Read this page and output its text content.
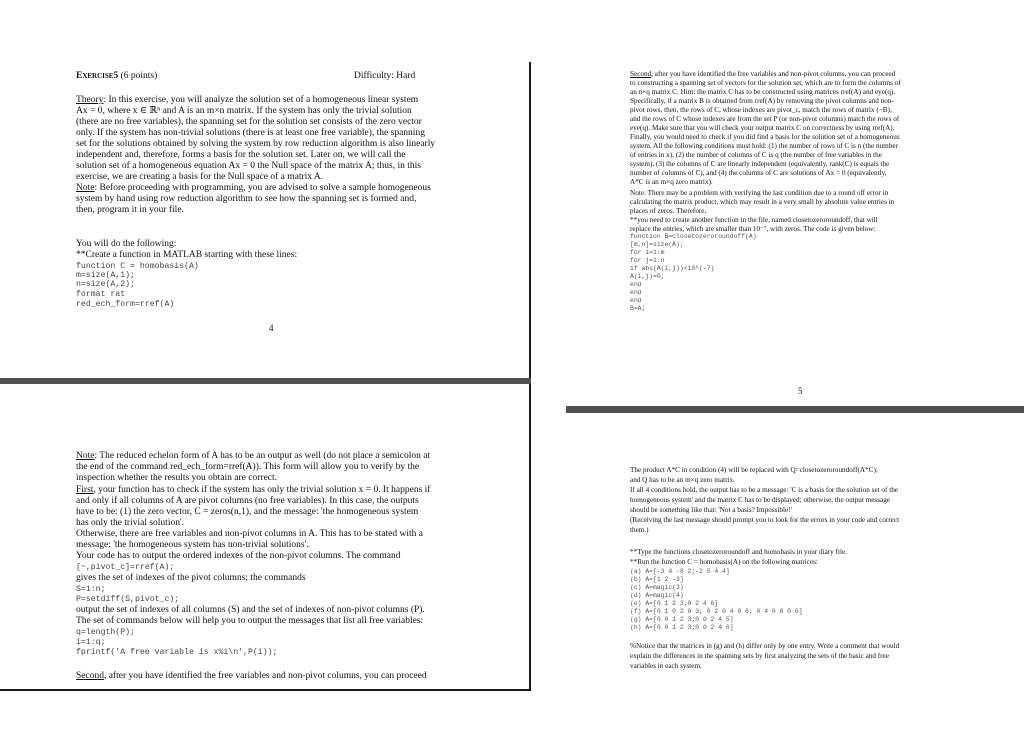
Exercise5 (6 points)	Difficulty: Hard
Theory: In this exercise, you will analyze the solution set of a homogeneous linear system
Ax = 0, where x ∈ ℝⁿ and A is an m×n matrix. If the system has only the trivial solution
(there are no free variables), the spanning set for the solution set consists of the zero vector
only. If the system has non-trivial solutions (there is at least one free variable), the spanning
set for the solutions obtained by solving the system by row reduction algorithm is also linearly
independent and, therefore, forms a basis for the solution set. Later on, we will call the
solution set of a homogeneous equation Ax = 0 the Null space of the matrix A; thus, in this
exercise, we are creating a basis for the Null space of a matrix A.
Note: Before proceeding with programming, you are advised to solve a sample homogeneous
system by hand using row reduction algorithm to see how the spanning set is formed and,
then, program it in your file.
You will do the following:
**Create a function in MATLAB starting with these lines:
function C = homobasis(A)
m=size(A,1);
n=size(A,2);
format rat
red_ech_form=rref(A)
4
Second, after you have identified the free variables and non-pivot columns, you can proceed
to constructing a spanning set of vectors for the solution set, which are to form the columns of
an n×q matrix C. Hint: the matrix C has to be constructed using matrices rref(A) and eye(q).
Specifically, if a matrix B is obtained from rref(A) by removing the pivot columns and non-
pivot rows, then, the rows of C, whose indexes are pivot_c, match the rows of matrix (−B),
and the rows of C whose indexes are from the set P (or non-pivot columns) match the rows of
eye(q). Make sure that you will check your output matrix C on correctness by using rref(A).
Finally, you would need to check if you did find a basis for the solution set of a homogeneous
system. All the following conditions must hold: (1) the number of rows of C is n (the number
of entries in x), (2) the number of columns of C is q (the number of free variables in the
system), (3) the columns of C are linearly independent (equivalently, rank(C) is equals the
number of columns of C), and (4) the columns of C are solutions of Ax = 0 (equivalently,
A*C is an m×q zero matrix).
Note: There may be a problem with verifying the last condition due to a round off error in
calculating the matrix product, which may result in a very small by absolute value entries in
places of zeros. Therefore,
**you need to create another function in the file, named closetozeroroundoff, that will
replace the entries, which are smaller than 10⁻⁷, with zeros. The code is given below:
function B=closetozeroroundoff(A)
[m,n]=size(A);
for i=1:m
for j=1:n
if abs(A(i,j))<10^(-7)
A(i,j)=0;
end
end
end
B=A;
5
Note: The reduced echelon form of A has to be an output as well (do not place a semicolon at
the end of the command red_ech_form=rref(A)). This form will allow you to verify by the
inspection whether the results you obtain are correct.
First, your function has to check if the system has only the trivial solution x = 0. It happens if
and only if all columns of A are pivot columns (no free variables). In this case, the outputs
have to be: (1) the zero vector, C = zeros(n,1), and the message: 'the homogeneous system
has only the trivial solution'.
Otherwise, there are free variables and non-pivot columns in A. This has to be stated with a
message: 'the homogeneous system has non-trivial solutions'.
Your code has to output the ordered indexes of the non-pivot columns. The command
[~,pivot_c]=rref(A);
gives the set of indexes of the pivot columns; the commands
S=1:n;
P=setdiff(S,pivot_c);
output the set of indexes of all columns (S) and the set of indexes of non-pivot columns (P).
The set of commands below will help you to output the messages that list all free variables:
q=length(P);
i=1:q;
fprintf('A free variable is x%i\n',P(i));
Second, after you have identified the free variables and non-pivot columns, you can proceed
The product A*C in condition (4) will be replaced with Q=closetozeroroundoff(A*C);
and Q has to be an m×q zero matrix.
If all 4 conditions hold, the output has to be a message: 'C is a basis for the solution set of the
homogeneous system' and the matrix C has to be displayed; otherwise, the output message
should be something like that: 'Not a basis? Impossible!'
(Receiving the last message should prompt you to look for the errors in your code and correct
them.)
**Type the functions closetozeroroundoff and homobasis in your diary file.
**Run the function C = homobasis(A) on the following matrices:
(a) A=[-3 4 -8 2;-2 5 4 4]
(b) A=[1 2 -3]
(c) A=magic(3)
(d) A=magic(4)
(e) A=[0 1 2 3;0 2 4 6]
(f) A=[0 1 0 2 0 3; 0 2 0 4 0 6; 0 4 0 8 0 6]
(g) A=[0 0 1 2 3;0 0 2 4 5]
(h) A=[0 0 1 2 3;0 0 2 4 6]
%Notice that the matrices in (g) and (h) differ only by one entry. Write a comment that would
explain the differences in the spanning sets by first analyzing the sets of the basic and free
variables in each system.
